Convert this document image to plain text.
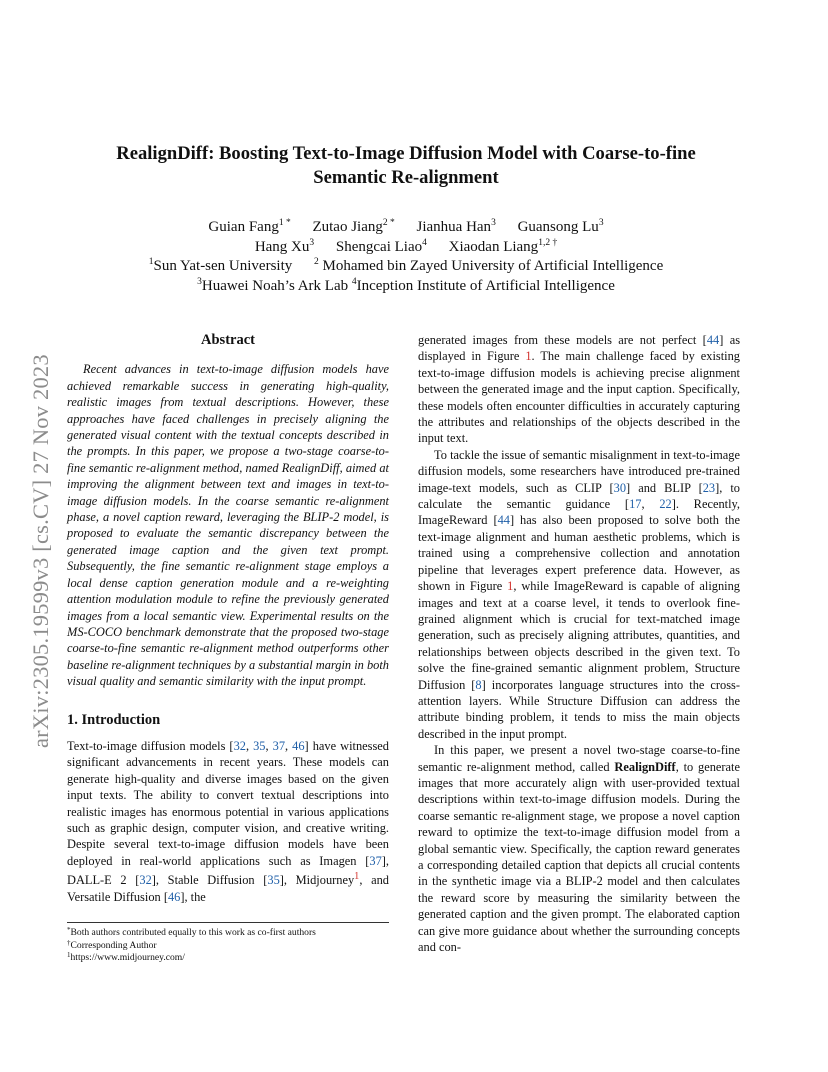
arXiv:2305.19599v3 [cs.CV] 27 Nov 2023
RealignDiff: Boosting Text-to-Image Diffusion Model with Coarse-to-fine
Semantic Re-alignment
Guian Fang$^{1 *}$ Zutao Jiang$^{2 *}$ Jianhua Han$^3$ Guansong Lu$^3$
Hang Xu$^3$ Shengcai Liao$^4$ Xiaodan Liang$^{1,2 \dagger}$
$^1$Sun Yat-sen University $^2$ Mohamed bin Zayed University of Artificial Intelligence
$^3$Huawei Noah’s Ark Lab $^4$Inception Institute of Artificial Intelligence
Abstract

Recent advances in text-to-image diffusion models have achieved remarkable success in generating high-quality, realistic images from textual descriptions. However, these approaches have faced challenges in precisely aligning the generated visual content with the textual concepts described in the prompts. In this paper, we propose a two-stage coarse-to-fine semantic re-alignment method, named RealignDiff, aimed at improving the alignment between text and images in text-to-image diffusion models. In the coarse semantic re-alignment phase, a novel caption reward, leveraging the BLIP-2 model, is proposed to evaluate the semantic discrepancy between the generated image caption and the given text prompt. Subsequently, the fine semantic re-alignment stage employs a local dense caption generation module and a re-weighting attention modulation module to refine the previously generated images from a local semantic view. Experimental results on the MS-COCO benchmark demonstrate that the proposed two-stage coarse-to-fine semantic re-alignment method outperforms other baseline re-alignment techniques by a substantial margin in both visual quality and semantic similarity with the input prompt.

1. Introduction

Text-to-image diffusion models [32, 35, 37, 46] have witnessed significant advancements in recent years. These models can generate high-quality and diverse images based on the given input texts. The ability to convert textual descriptions into realistic images has enormous potential in various applications such as graphic design, computer vision, and creative writing. Despite several text-to-image diffusion models have been deployed in real-world applications such as Imagen [37], DALL-E 2 [32], Stable Diffusion [35], Midjourney$^1$, and Versatile Diffusion [46], the

*Both authors contributed equally to this work as co-first authors
†Corresponding Author
$^1$https://www.midjourney.com/

generated images from these models are not perfect [44] as displayed in Figure 1. The main challenge faced by existing text-to-image diffusion models is achieving precise alignment between the generated image and the input caption. Specifically, these models often encounter difficulties in accurately capturing the attributes and relationships of the objects described in the input text.

To tackle the issue of semantic misalignment in text-to-image diffusion models, some researchers have introduced pre-trained image-text models, such as CLIP [30] and BLIP [23], to calculate the semantic guidance [17, 22]. Recently, ImageReward [44] has also been proposed to solve both the text-image alignment and human aesthetic problems, which is trained using a comprehensive collection and annotation pipeline that leverages expert preference data. However, as shown in Figure 1, while ImageReward is capable of aligning images and text at a coarse level, it tends to overlook fine-grained alignment which is crucial for text-matched image generation, such as precisely aligning attributes, quantities, and relationships between objects described in the given text. To solve the fine-grained semantic alignment problem, Structure Diffusion [8] incorporates language structures into the cross-attention layers. While Structure Diffusion can address the attribute binding problem, it tends to miss the main objects described in the input prompt.

In this paper, we present a novel two-stage coarse-to-fine semantic re-alignment method, called RealignDiff, to generate images that more accurately align with user-provided textual descriptions within text-to-image diffusion models. During the coarse semantic re-alignment stage, we propose a novel caption reward to optimize the text-to-image diffusion model from a global semantic view. Specifically, the caption reward generates a corresponding detailed caption that depicts all crucial contents in the synthetic image via a BLIP-2 model and then calculates the reward score by measuring the similarity between the generated caption and the given prompt. The elaborated caption can give more guidance about whether the surrounding concepts and con-
